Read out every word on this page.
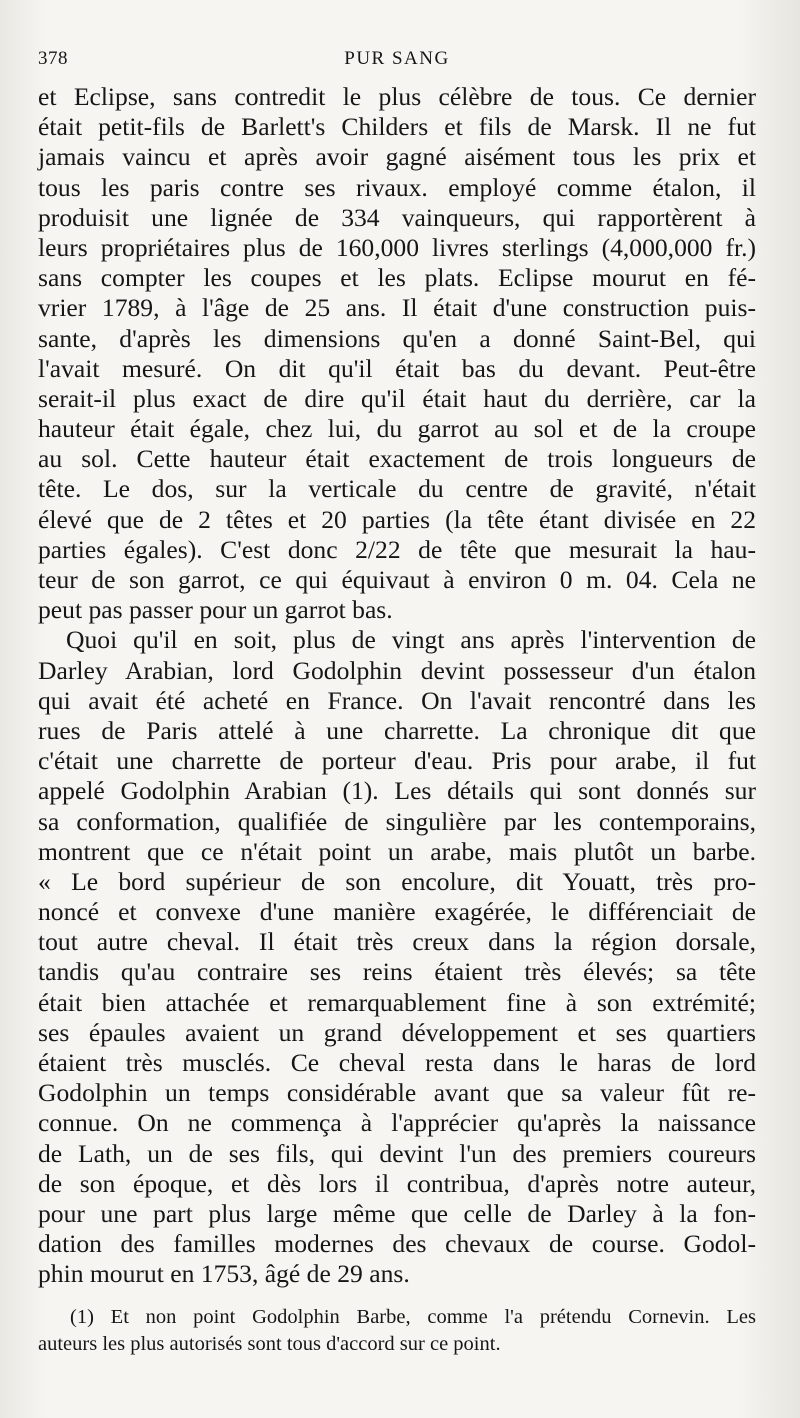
378	PUR SANG
et Eclipse, sans contredit le plus célèbre de tous. Ce dernier
était petit-fils de Barlett's Childers et fils de Marsk. Il ne fut
jamais vaincu et après avoir gagné aisément tous les prix et
tous les paris contre ses rivaux. employé comme étalon, il
produisit une lignée de 334 vainqueurs, qui rapportèrent à
leurs propriétaires plus de 160,000 livres sterlings (4,000,000 fr.)
sans compter les coupes et les plats. Eclipse mourut en fé-
vrier 1789, à l'âge de 25 ans. Il était d'une construction puis-
sante, d'après les dimensions qu'en a donné Saint-Bel, qui
l'avait mesuré. On dit qu'il était bas du devant. Peut-être
serait-il plus exact de dire qu'il était haut du derrière, car la
hauteur était égale, chez lui, du garrot au sol et de la croupe
au sol. Cette hauteur était exactement de trois longueurs de
tête. Le dos, sur la verticale du centre de gravité, n'était
élevé que de 2 têtes et 20 parties (la tête étant divisée en 22
parties égales). C'est donc 2/22 de tête que mesurait la hau-
teur de son garrot, ce qui équivaut à environ 0 m. 04. Cela ne
peut pas passer pour un garrot bas.
Quoi qu'il en soit, plus de vingt ans après l'intervention de
Darley Arabian, lord Godolphin devint possesseur d'un étalon
qui avait été acheté en France. On l'avait rencontré dans les
rues de Paris attelé à une charrette. La chronique dit que
c'était une charrette de porteur d'eau. Pris pour arabe, il fut
appelé Godolphin Arabian (1). Les détails qui sont donnés sur
sa conformation, qualifiée de singulière par les contemporains,
montrent que ce n'était point un arabe, mais plutôt un barbe.
« Le bord supérieur de son encolure, dit Youatt, très pro-
noncé et convexe d'une manière exagérée, le différenciait de
tout autre cheval. Il était très creux dans la région dorsale,
tandis qu'au contraire ses reins étaient très élevés; sa tête
était bien attachée et remarquablement fine à son extrémité;
ses épaules avaient un grand développement et ses quartiers
étaient très musclés. Ce cheval resta dans le haras de lord
Godolphin un temps considérable avant que sa valeur fût re-
connue. On ne commença à l'apprécier qu'après la naissance
de Lath, un de ses fils, qui devint l'un des premiers coureurs
de son époque, et dès lors il contribua, d'après notre auteur,
pour une part plus large même que celle de Darley à la fon-
dation des familles modernes des chevaux de course. Godol-
phin mourut en 1753, âgé de 29 ans.
(1) Et non point Godolphin Barbe, comme l'a prétendu Cornevin. Les
auteurs les plus autorisés sont tous d'accord sur ce point.
